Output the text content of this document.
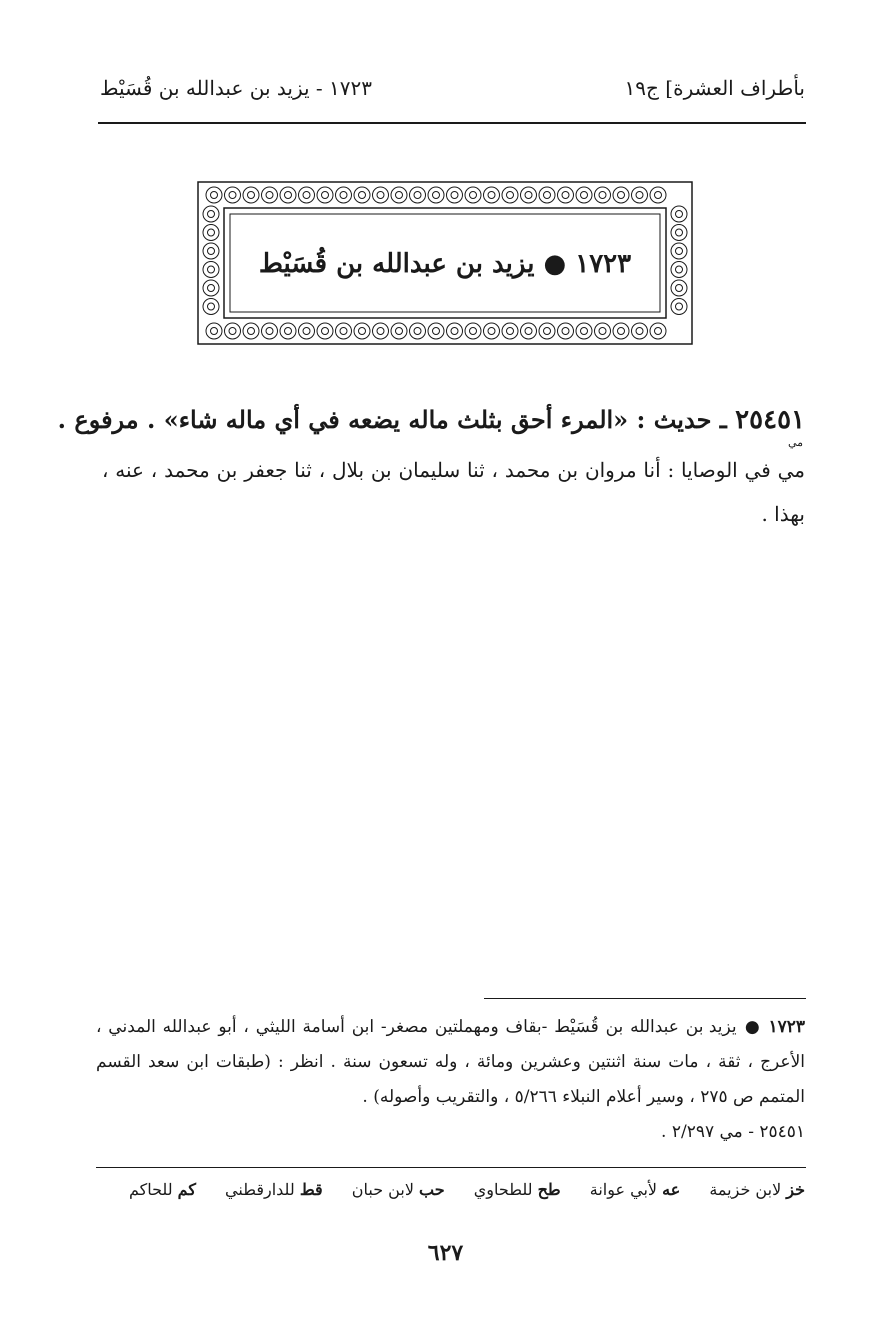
بأطراف العشرة] ج١٩
١٧٢٣ - يزيد بن عبدالله بن قُسَيْط
١٧٢٣ ● يزيد بن عبدالله بن قُسَيْط
٢٥٤٥١ ـ حديث : «المرء أحق بثلث ماله يضعه في أي ماله شاء» . مرفوع .
مي
مي في الوصايا : أنا مروان بن محمد ، ثنا سليمان بن بلال ، ثنا جعفر بن محمد ، عنه ، بهذا .

١٧٢٣ ● يزيد بن عبدالله بن قُسَيْط -بقاف ومهملتين مصغر- ابن أسامة الليثي ، أبو عبدالله المدني ، الأعرج ، ثقة ، مات سنة اثنتين وعشرين ومائة ، وله تسعون سنة . انظر : (طبقات ابن سعد القسم المتمم ص ٢٧٥ ، وسير أعلام النبلاء ٥/٢٦٦ ، والتقريب وأصوله) .

٢٥٤٥١ - مي ٢/٢٩٧ .

خز لابن خزيمة عه لأبي عوانة طح للطحاوي حب لابن حبان قط للدارقطني كم للحاكم
٦٢٧
